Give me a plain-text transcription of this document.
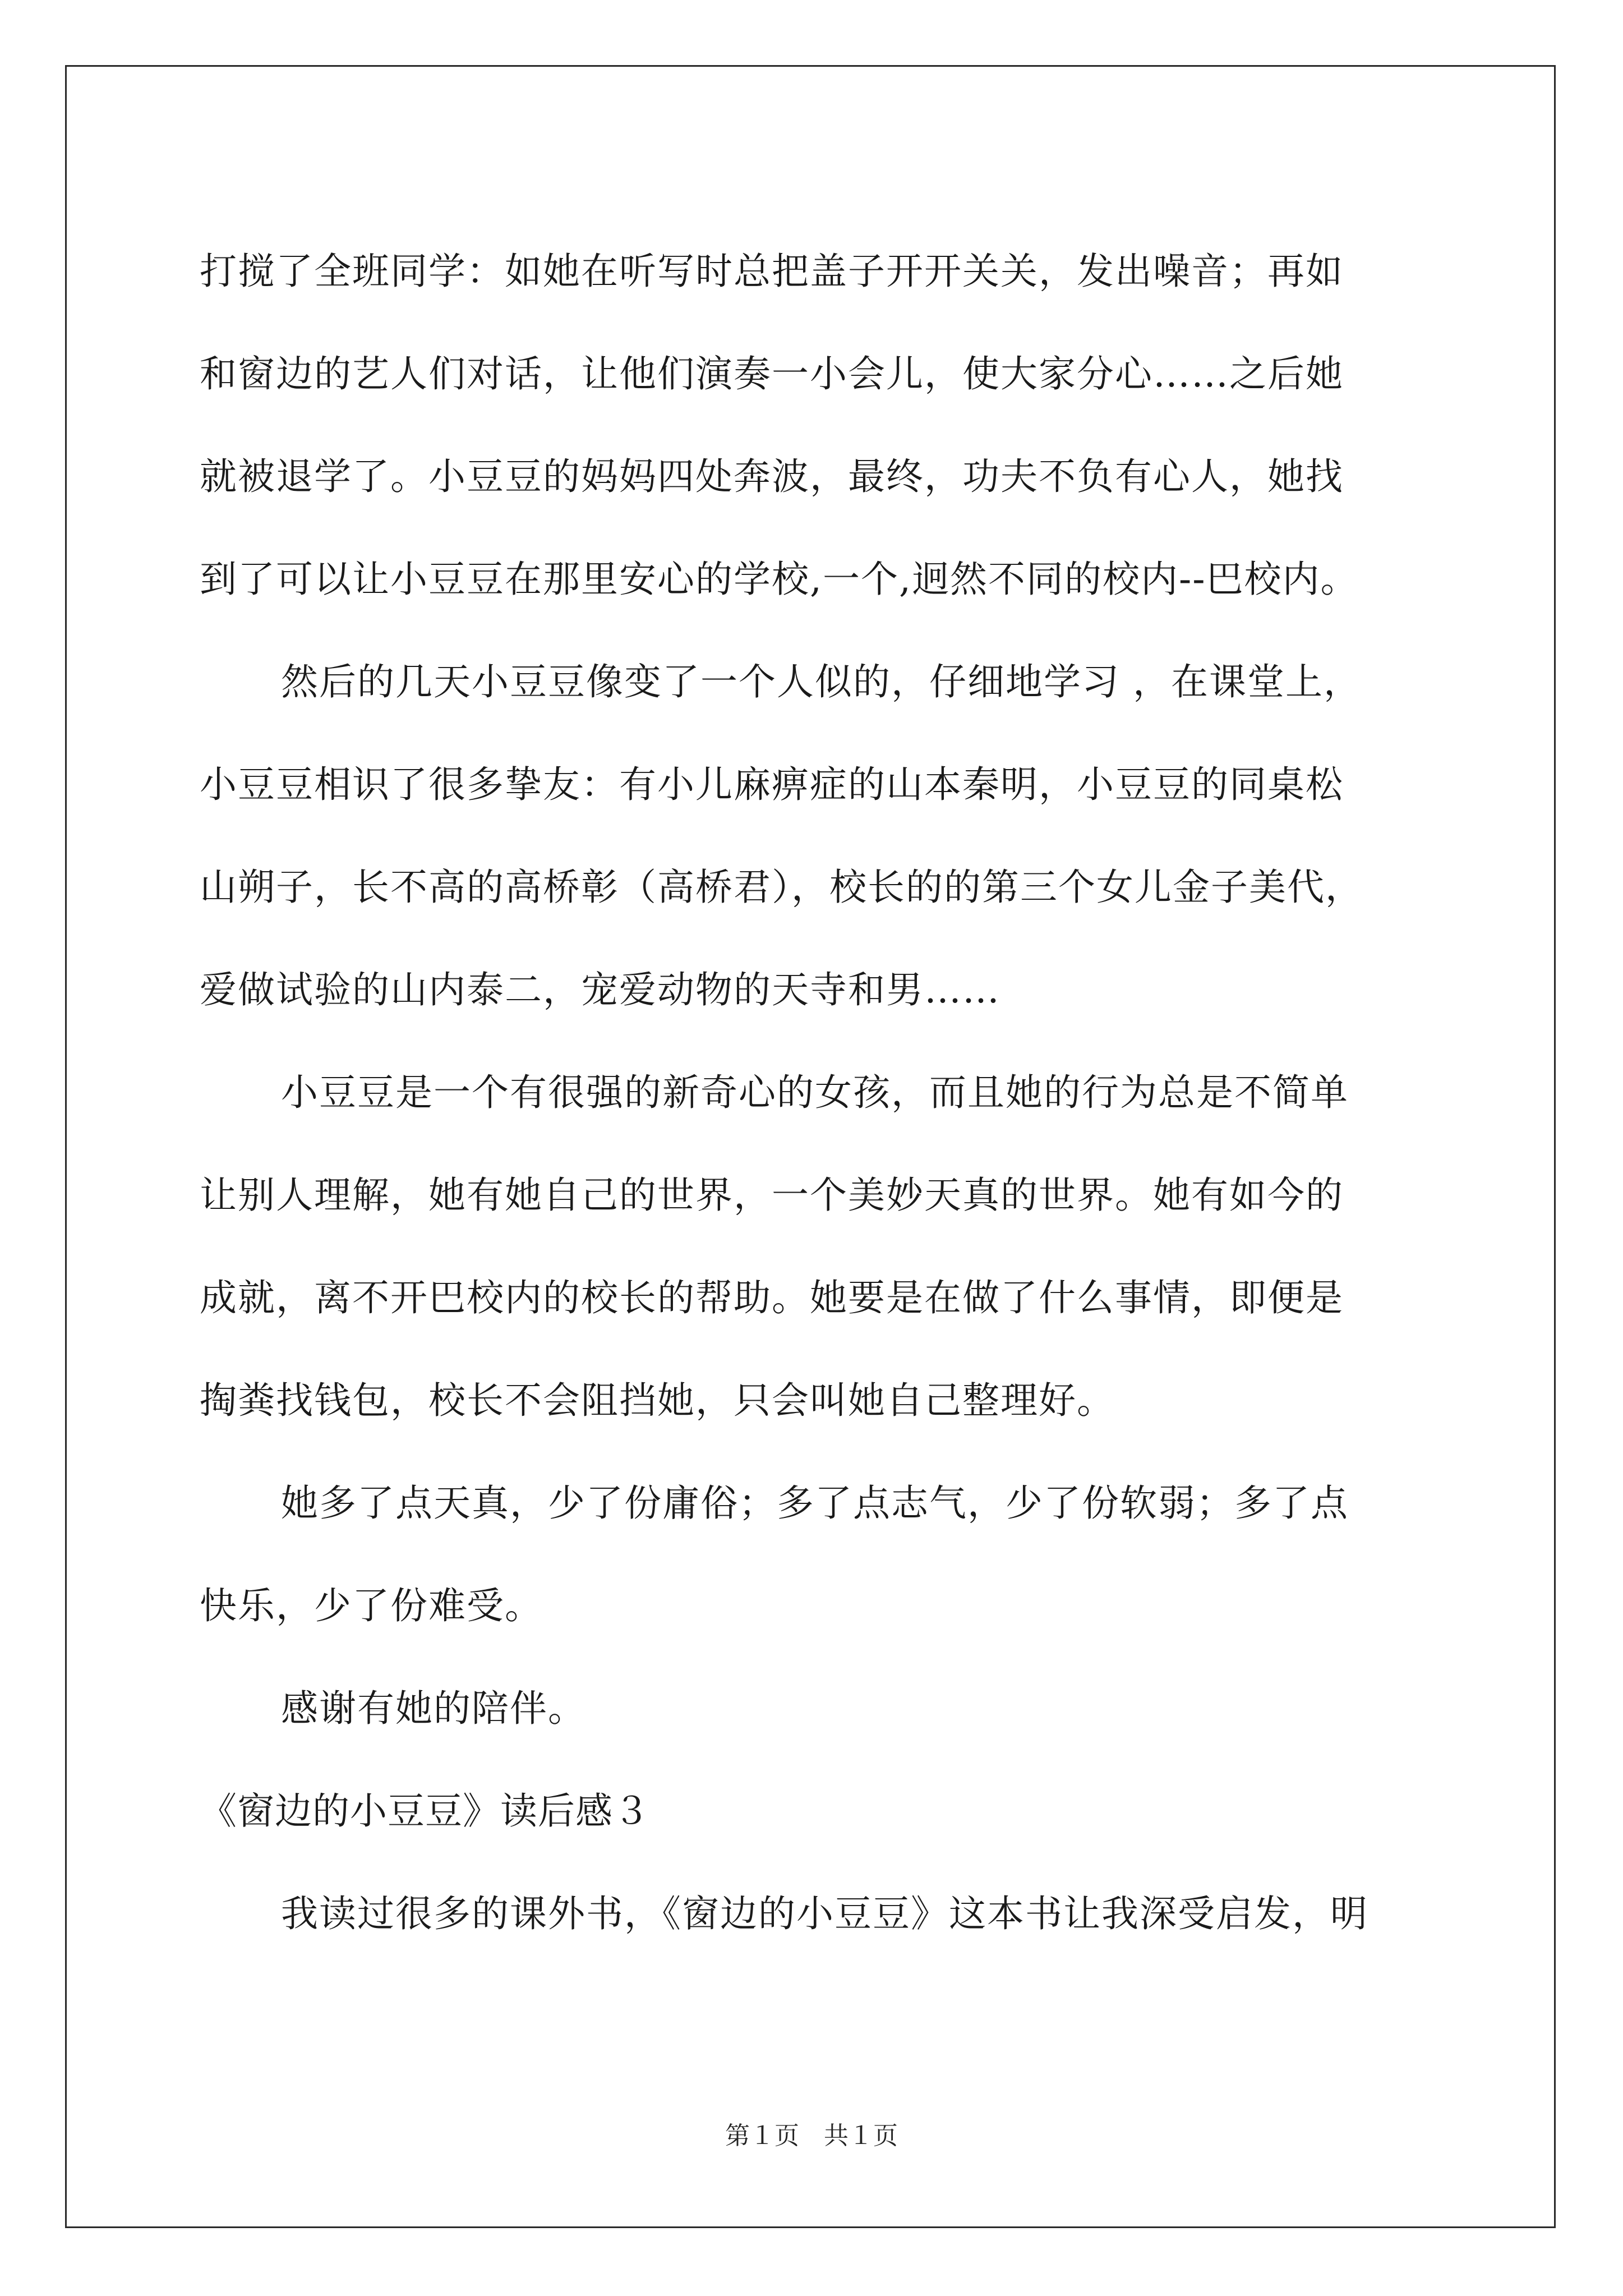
打搅了全班同学：如她在听写时总把盖子开开关关，发出噪音；再如

和窗边的艺人们对话，让他们演奏一小会儿，使大家分心……之后她

就被退学了。小豆豆的妈妈四处奔波，最终，功夫不负有心人，她找

到了可以让小豆豆在那里安心的学校,一个,迥然不同的校内--巴校内。

然后的几天小豆豆像变了一个人似的，仔细地学习 ，在课堂上，

小豆豆相识了很多挚友：有小儿麻痹症的山本秦明，小豆豆的同桌松

山朔子，长不高的高桥彰（高桥君），校长的的第三个女儿金子美代，

爱做试验的山内泰二，宠爱动物的天寺和男……

小豆豆是一个有很强的新奇心的女孩，而且她的行为总是不简单

让别人理解，她有她自己的世界，一个美妙天真的世界。她有如今的

成就，离不开巴校内的校长的帮助。她要是在做了什么事情，即便是

掏粪找钱包，校长不会阻挡她，只会叫她自己整理好。

她多了点天真，少了份庸俗；多了点志气，少了份软弱；多了点

快乐，少了份难受。

感谢有她的陪伴。

《窗边的小豆豆》读后感３

我读过很多的课外书，《窗边的小豆豆》这本书让我深受启发，明

第１页　共１页
